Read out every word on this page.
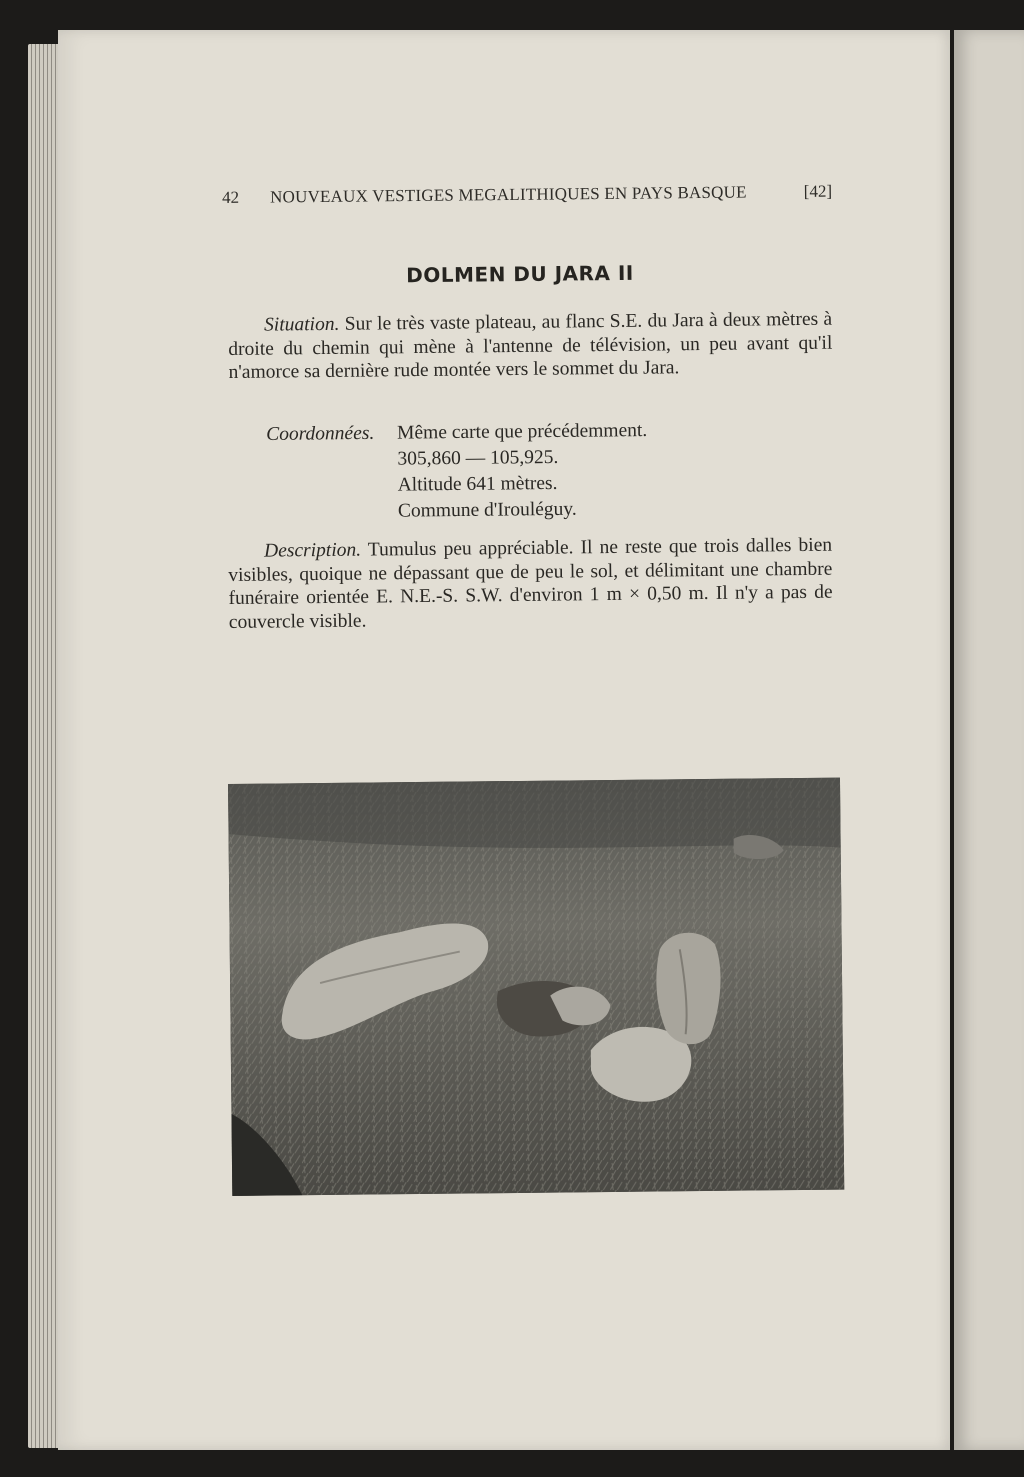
42	NOUVEAUX VESTIGES MEGALITHIQUES EN PAYS BASQUE	[42]
DOLMEN DU JARA II
Situation. Sur le très vaste plateau, au flanc S.E. du Jara à deux mètres à droite du chemin qui mène à l'antenne de télévision, un peu avant qu'il n'amorce sa dernière rude montée vers le sommet du Jara.
Coordonnées.	Même carte que précédemment.
305,860 — 105,925.
Altitude 641 mètres.
Commune d'Irouléguy.
Description. Tumulus peu appréciable. Il ne reste que trois dalles bien visibles, quoique ne dépassant que de peu le sol, et délimitant une chambre funéraire orientée E. N.E.-S. S.W. d'environ 1 m × 0,50 m. Il n'y a pas de couvercle visible.
